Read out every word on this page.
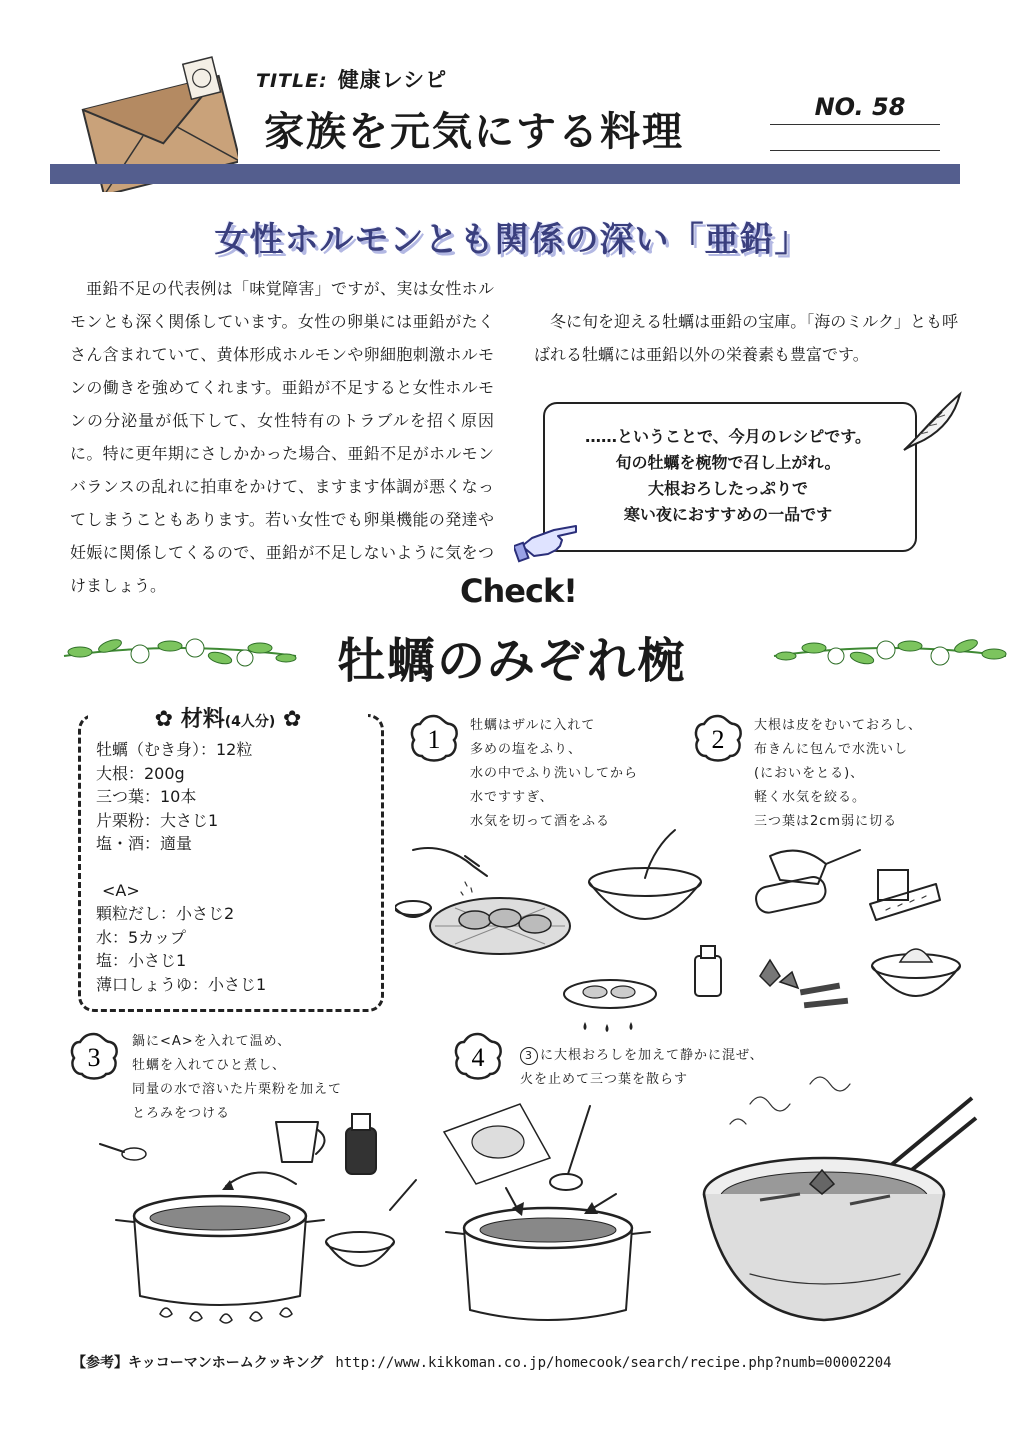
TITLE: 健康レシピ
家族を元気にする料理
NO. 58
女性ホルモンとも関係の深い「亜鉛」

亜鉛不足の代表例は「味覚障害」ですが、実は女性ホルモンとも深く関係しています。女性の卵巣には亜鉛がたくさん含まれていて、黄体形成ホルモンや卵細胞刺激ホルモンの働きを強めてくれます。亜鉛が不足すると女性ホルモンの分泌量が低下して、女性特有のトラブルを招く原因に。特に更年期にさしかかった場合、亜鉛不足がホルモンバランスの乱れに拍車をかけて、ますます体調が悪くなってしまうこともあります。若い女性でも卵巣機能の発達や妊娠に関係してくるので、亜鉛が不足しないように気をつけましょう。

冬に旬を迎える牡蠣は亜鉛の宝庫。「海のミルク」とも呼ばれる牡蠣には亜鉛以外の栄養素も豊富です。

……ということで、今月のレシピです。
旬の牡蠣を椀物で召し上がれ。
大根おろしたっぷりで
寒い夜におすすめの一品です
Check!
牡蠣のみぞれ椀
✿ 材料(4人分) ✿
牡蠣（むき身）：12粒
大根：200g
三つ葉：10本
片栗粉：大さじ1
塩・酒：適量
<A>
顆粒だし：小さじ2
水：5カップ
塩：小さじ1
薄口しょうゆ：小さじ1
1 牡蠣はザルに入れて
多めの塩をふり、
水の中でふり洗いしてから
水ですすぎ、
水気を切って酒をふる
2 大根は皮をむいておろし、
布きんに包んで水洗いし
(においをとる)、
軽く水気を絞る。
三つ葉は2cm弱に切る
3
鍋に<A>を入れて温め、
牡蠣を入れてひと煮し、
同量の水で溶いた片栗粉を加えて
とろみをつける
4	3 に大根おろしを加えて静かに混ぜ、
火を止めて三つ葉を散らす
【参考】キッコーマンホームクッキング http://www.kikkoman.co.jp/homecook/search/recipe.php?numb=00002204
